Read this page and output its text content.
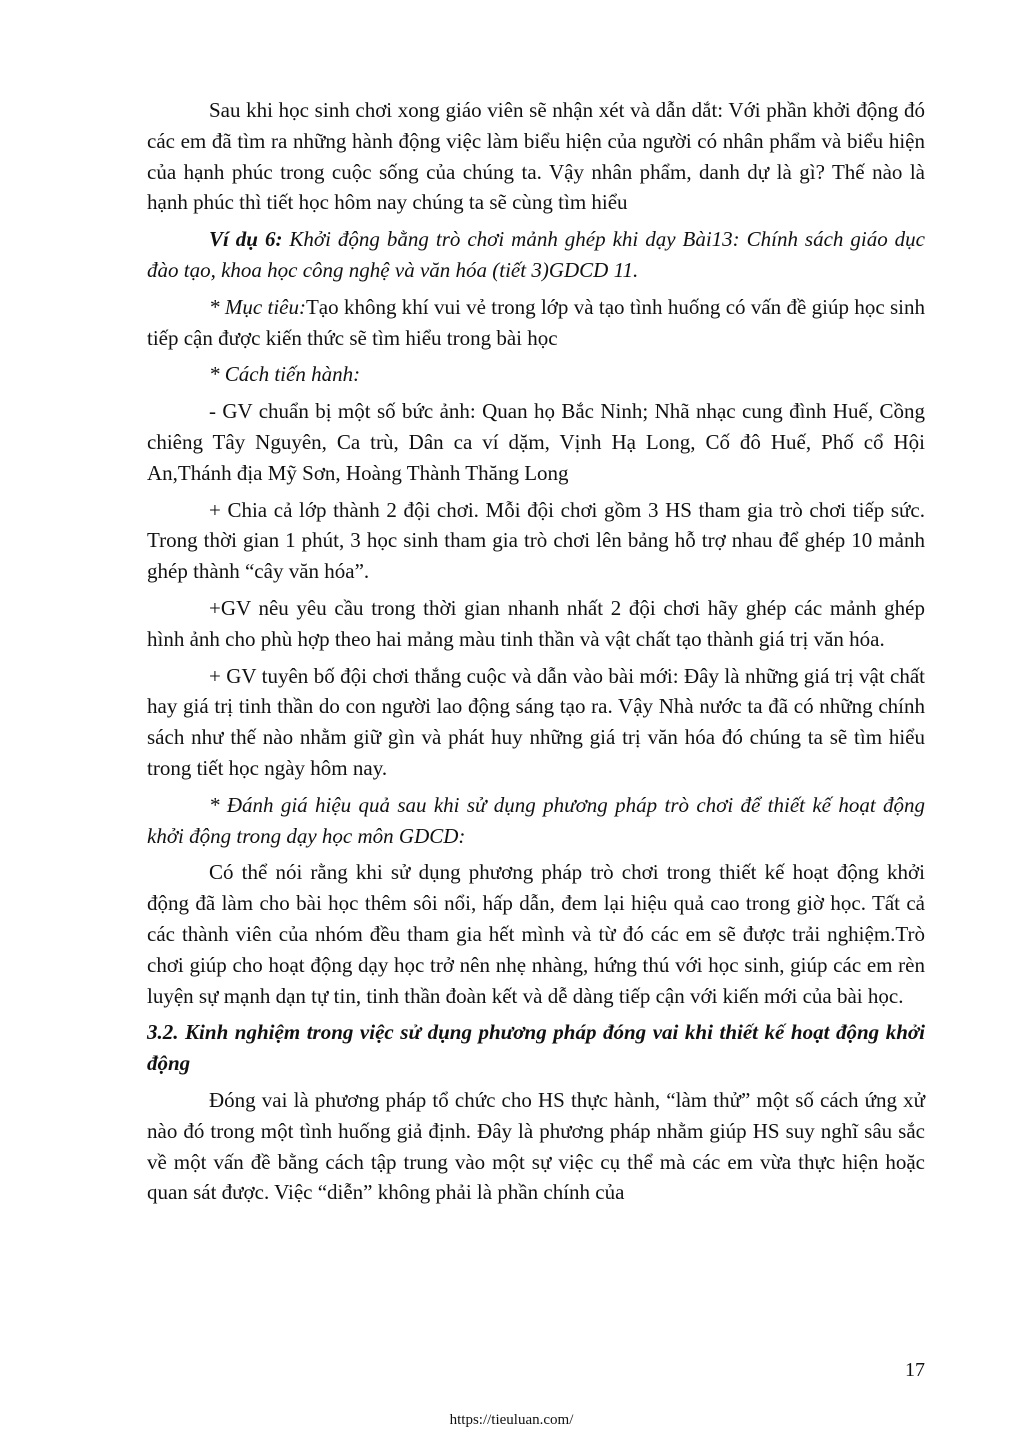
Sau khi học sinh chơi xong giáo viên sẽ nhận xét và dẫn dắt: Với phần khởi động đó các em đã tìm ra những hành động việc làm biểu hiện của người có nhân phẩm và biểu hiện của hạnh phúc trong cuộc sống của chúng ta. Vậy nhân phẩm, danh dự là gì? Thế nào là hạnh phúc thì tiết học hôm nay chúng ta sẽ cùng tìm hiểu

Ví dụ 6: Khởi động bằng trò chơi mảnh ghép khi dạy Bài13: Chính sách giáo dục đào tạo, khoa học công nghệ và văn hóa (tiết 3)GDCD 11.

* Mục tiêu:Tạo không khí vui vẻ trong lớp và tạo tình huống có vấn đề giúp học sinh tiếp cận được kiến thức sẽ tìm hiểu trong bài học

* Cách tiến hành:

- GV chuẩn bị một số bức ảnh: Quan họ Bắc Ninh; Nhã nhạc cung đình Huế, Cồng chiêng Tây Nguyên, Ca trù, Dân ca ví dặm, Vịnh Hạ Long, Cố đô Huế, Phố cổ Hội An,Thánh địa Mỹ Sơn, Hoàng Thành Thăng Long

+ Chia cả lớp thành 2 đội chơi. Mỗi đội chơi gồm 3 HS tham gia trò chơi tiếp sức. Trong thời gian 1 phút, 3 học sinh tham gia trò chơi lên bảng hỗ trợ nhau để ghép 10 mảnh ghép thành “cây văn hóa”.

+GV nêu yêu cầu trong thời gian nhanh nhất 2 đội chơi hãy ghép các mảnh ghép hình ảnh cho phù hợp theo hai mảng màu tinh thần và vật chất tạo thành giá trị văn hóa.

+ GV tuyên bố đội chơi thắng cuộc và dẫn vào bài mới: Đây là những giá trị vật chất hay giá trị tinh thần do con người lao động sáng tạo ra. Vậy Nhà nước ta đã có những chính sách như thế nào nhằm giữ gìn và phát huy những giá trị văn hóa đó chúng ta sẽ tìm hiểu trong tiết học ngày hôm nay.

* Đánh giá hiệu quả sau khi sử dụng phương pháp trò chơi để thiết kế hoạt động khởi động trong dạy học môn GDCD:

Có thể nói rằng khi sử dụng phương pháp trò chơi trong thiết kế hoạt động khởi động đã làm cho bài học thêm sôi nổi, hấp dẫn, đem lại hiệu quả cao trong giờ học. Tất cả các thành viên của nhóm đều tham gia hết mình và từ đó các em sẽ được trải nghiệm.Trò chơi giúp cho hoạt động dạy học trở nên nhẹ nhàng, hứng thú với học sinh, giúp các em rèn luyện sự mạnh dạn tự tin, tinh thần đoàn kết và dễ dàng tiếp cận với kiến mới của bài học.

3.2. Kinh nghiệm trong việc sử dụng phương pháp đóng vai khi thiết kế hoạt động khởi động

Đóng vai là phương pháp tổ chức cho HS thực hành, “làm thử” một số cách ứng xử nào đó trong một tình huống giả định. Đây là phương pháp nhằm giúp HS suy nghĩ sâu sắc về một vấn đề bằng cách tập trung vào một sự việc cụ thể mà các em vừa thực hiện hoặc quan sát được. Việc “diễn” không phải là phần chính của

17
https://tieuluan.com/
